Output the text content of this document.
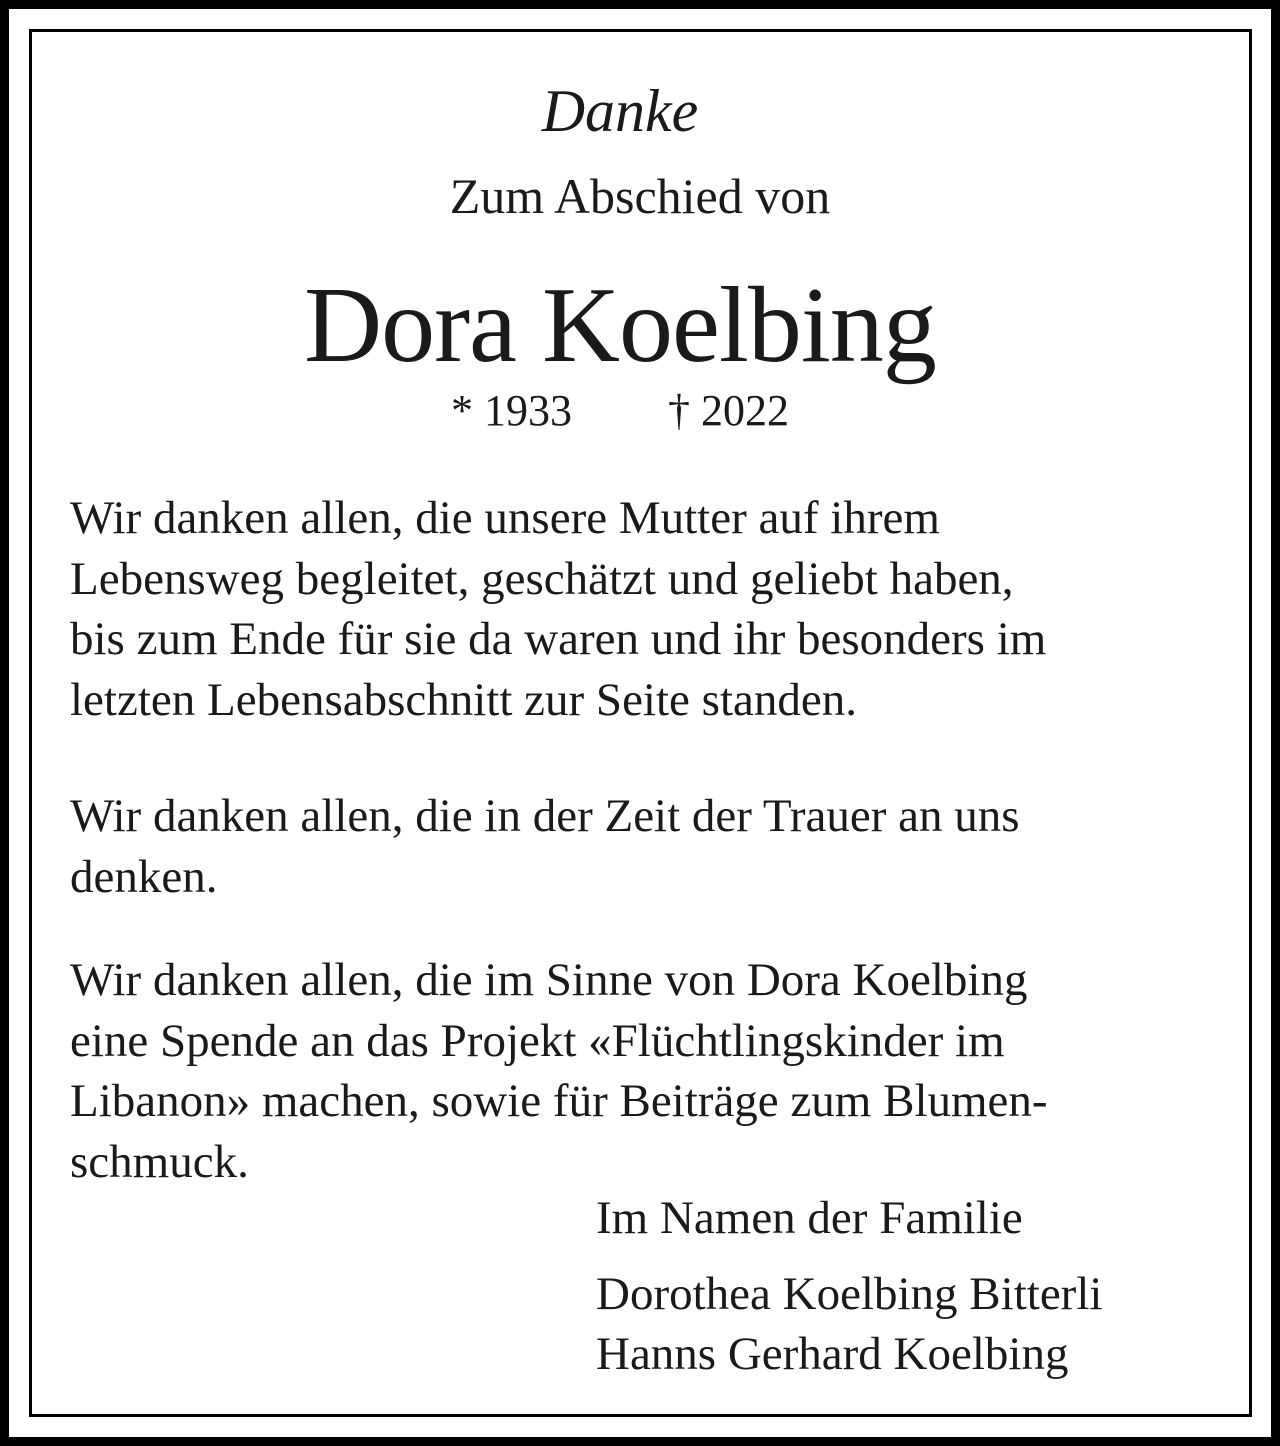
Danke

Zum Abschied von

Dora Koelbing

* 1933 † 2022

Wir danken allen, die unsere Mutter auf ihrem
Lebensweg begleitet, geschätzt und geliebt haben,
bis zum Ende für sie da waren und ihr besonders im
letzten Lebensabschnitt zur Seite standen.
Wir danken allen, die in der Zeit der Trauer an uns
denken.
Wir danken allen, die im Sinne von Dora Koelbing
eine Spende an das Projekt «Flüchtlingskinder im
Libanon» machen, sowie für Beiträge zum Blumen-
schmuck.

Im Namen der Familie

Dorothea Koelbing Bitterli
Hanns Gerhard Koelbing
